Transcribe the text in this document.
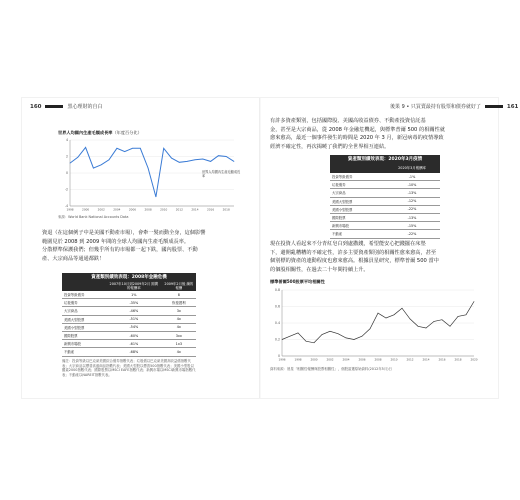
160	黑心理財的自白
世界人均國內生產毛額成長率（年度百分比）
-4
-2
0
2
4
1998	2000	2002	2004	2006	2008	2010	2012	2014	2016	2018
世界人均國內生產毛額成長率
來源：World Bank National Accounts Data
資退（在這個例子中是美國不動產市場），會牽一髮而動全身，這個影響
範圍見於 2008 到 2009 年間的全球人均國內生產毛額成長率。
分散標準保護我們；但幾乎所有的市場都一起下跌，國內股票、不動
產、大宗商品等通通都跌！
資產類別績效表現：2008年金融危機
	2007年10月到2009年2月 期間的報酬率	2009年2月後 續的報酬
投資等級債券	1%	8
垃圾債券	-35%	恢復獲利
大宗商品	-46%	3x
美國大型股票	-51%	4x
美國小型股票	-54%	4x
國際股票	-60%	3xx
新興市場股	-61%	1x3
不動產	-68%	4x
備註：投資等級以巴克萊美國綜合債券指數代表；垃圾債以巴克萊美國高收益債指數代表；大宗商品以標普高盛商品指數代表；美國大型股以標普500指數代表；美國小型股以羅素2000指數代表；國際股票以MSCI EAFE指數代表；新興市場以MSCI新興市場指數代表；不動產以NAREIT指數代表。
後果 9 • 只買賣最持有股票和債券就好了	161
有許多資產類別，包括國際股、美國高收益債券、不動產投資信託基
金，甚至是大宗商品，從 2008 年金融危機起，與標準普爾 500 的相關性就
愈來愈高，最近一個事件發生的時間是 2020 年 3 月，新冠病毒的疫情導致
經濟不確定性，再次揭曉了我們的全世界相互連結。
資產類別績效表現：2020年3月疫情
	2020年3月報酬率
投資等級債券	-1%
垃圾債券	-10%
大宗商品	-13%
美國大型股票	-12%
美國小型股票	-22%
國際股票	-13%
新興市場股	-15%
不動產	-22%
現在投資人看起來不分青紅皂白到處撒錢，希望能安心把錢擺在床墊
下，避開亂糟糟的不確定性，許多主要資產類別的相關性愈來愈高，甚至
個別標的資產的連動程度也愈來愈高。根據員星研究，標準普爾 500 當中
的個股相關性，在過去二十年間持續上升。
標準普爾500股票平均相關性
0
0.2
0.4
0.6
0.8
1996	1998	2000	2002	2004	2006	2008	2010	2012	2014	2016	2018	2020
資料來源：晨星「相關性報酬與股票相關性」，個股當選原始資料(2012年5月)日
